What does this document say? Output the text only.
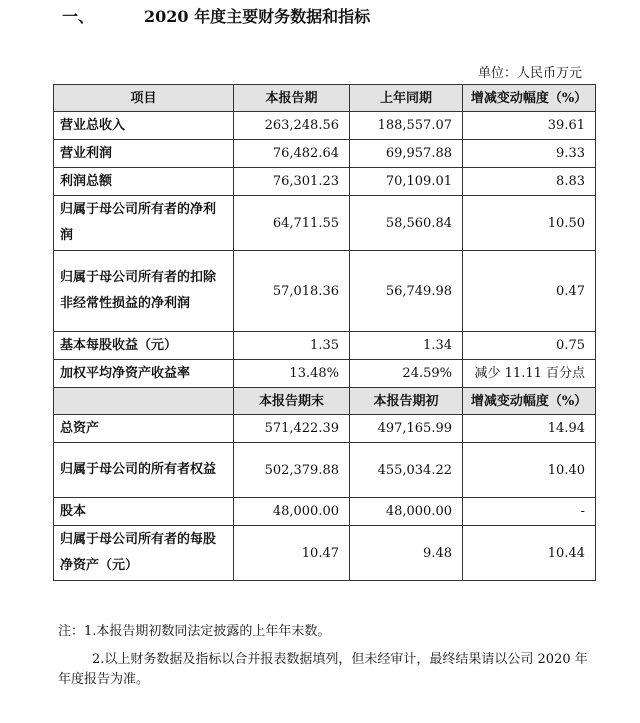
一、	2020 年度主要财务数据和指标
单位：人民币万元
项目	本报告期	上年同期	增减变动幅度（%）
营业总收入	263,248.56	188,557.07	39.61
营业利润	76,482.64	69,957.88	9.33
利润总额	76,301.23	70,109.01	8.83
归属于母公司所有者的净利润	64,711.55	58,560.84	10.50
归属于母公司所有者的扣除非经常性损益的净利润	57,018.36	56,749.98	0.47
基本每股收益（元）	1.35	1.34	0.75
加权平均净资产收益率	13.48%	24.59%	减少 11.11 百分点
	本报告期末	本报告期初	增减变动幅度（%）
总资产	571,422.39	497,165.99	14.94
归属于母公司的所有者权益	502,379.88	455,034.22	10.40
股本	48,000.00	48,000.00	-
归属于母公司所有者的每股净资产（元）	10.47	9.48	10.44
注：1.本报告期初数同法定披露的上年年末数。
2.以上财务数据及指标以合并报表数据填列，但未经审计，最终结果请以公司 2020 年年度报告为准。
